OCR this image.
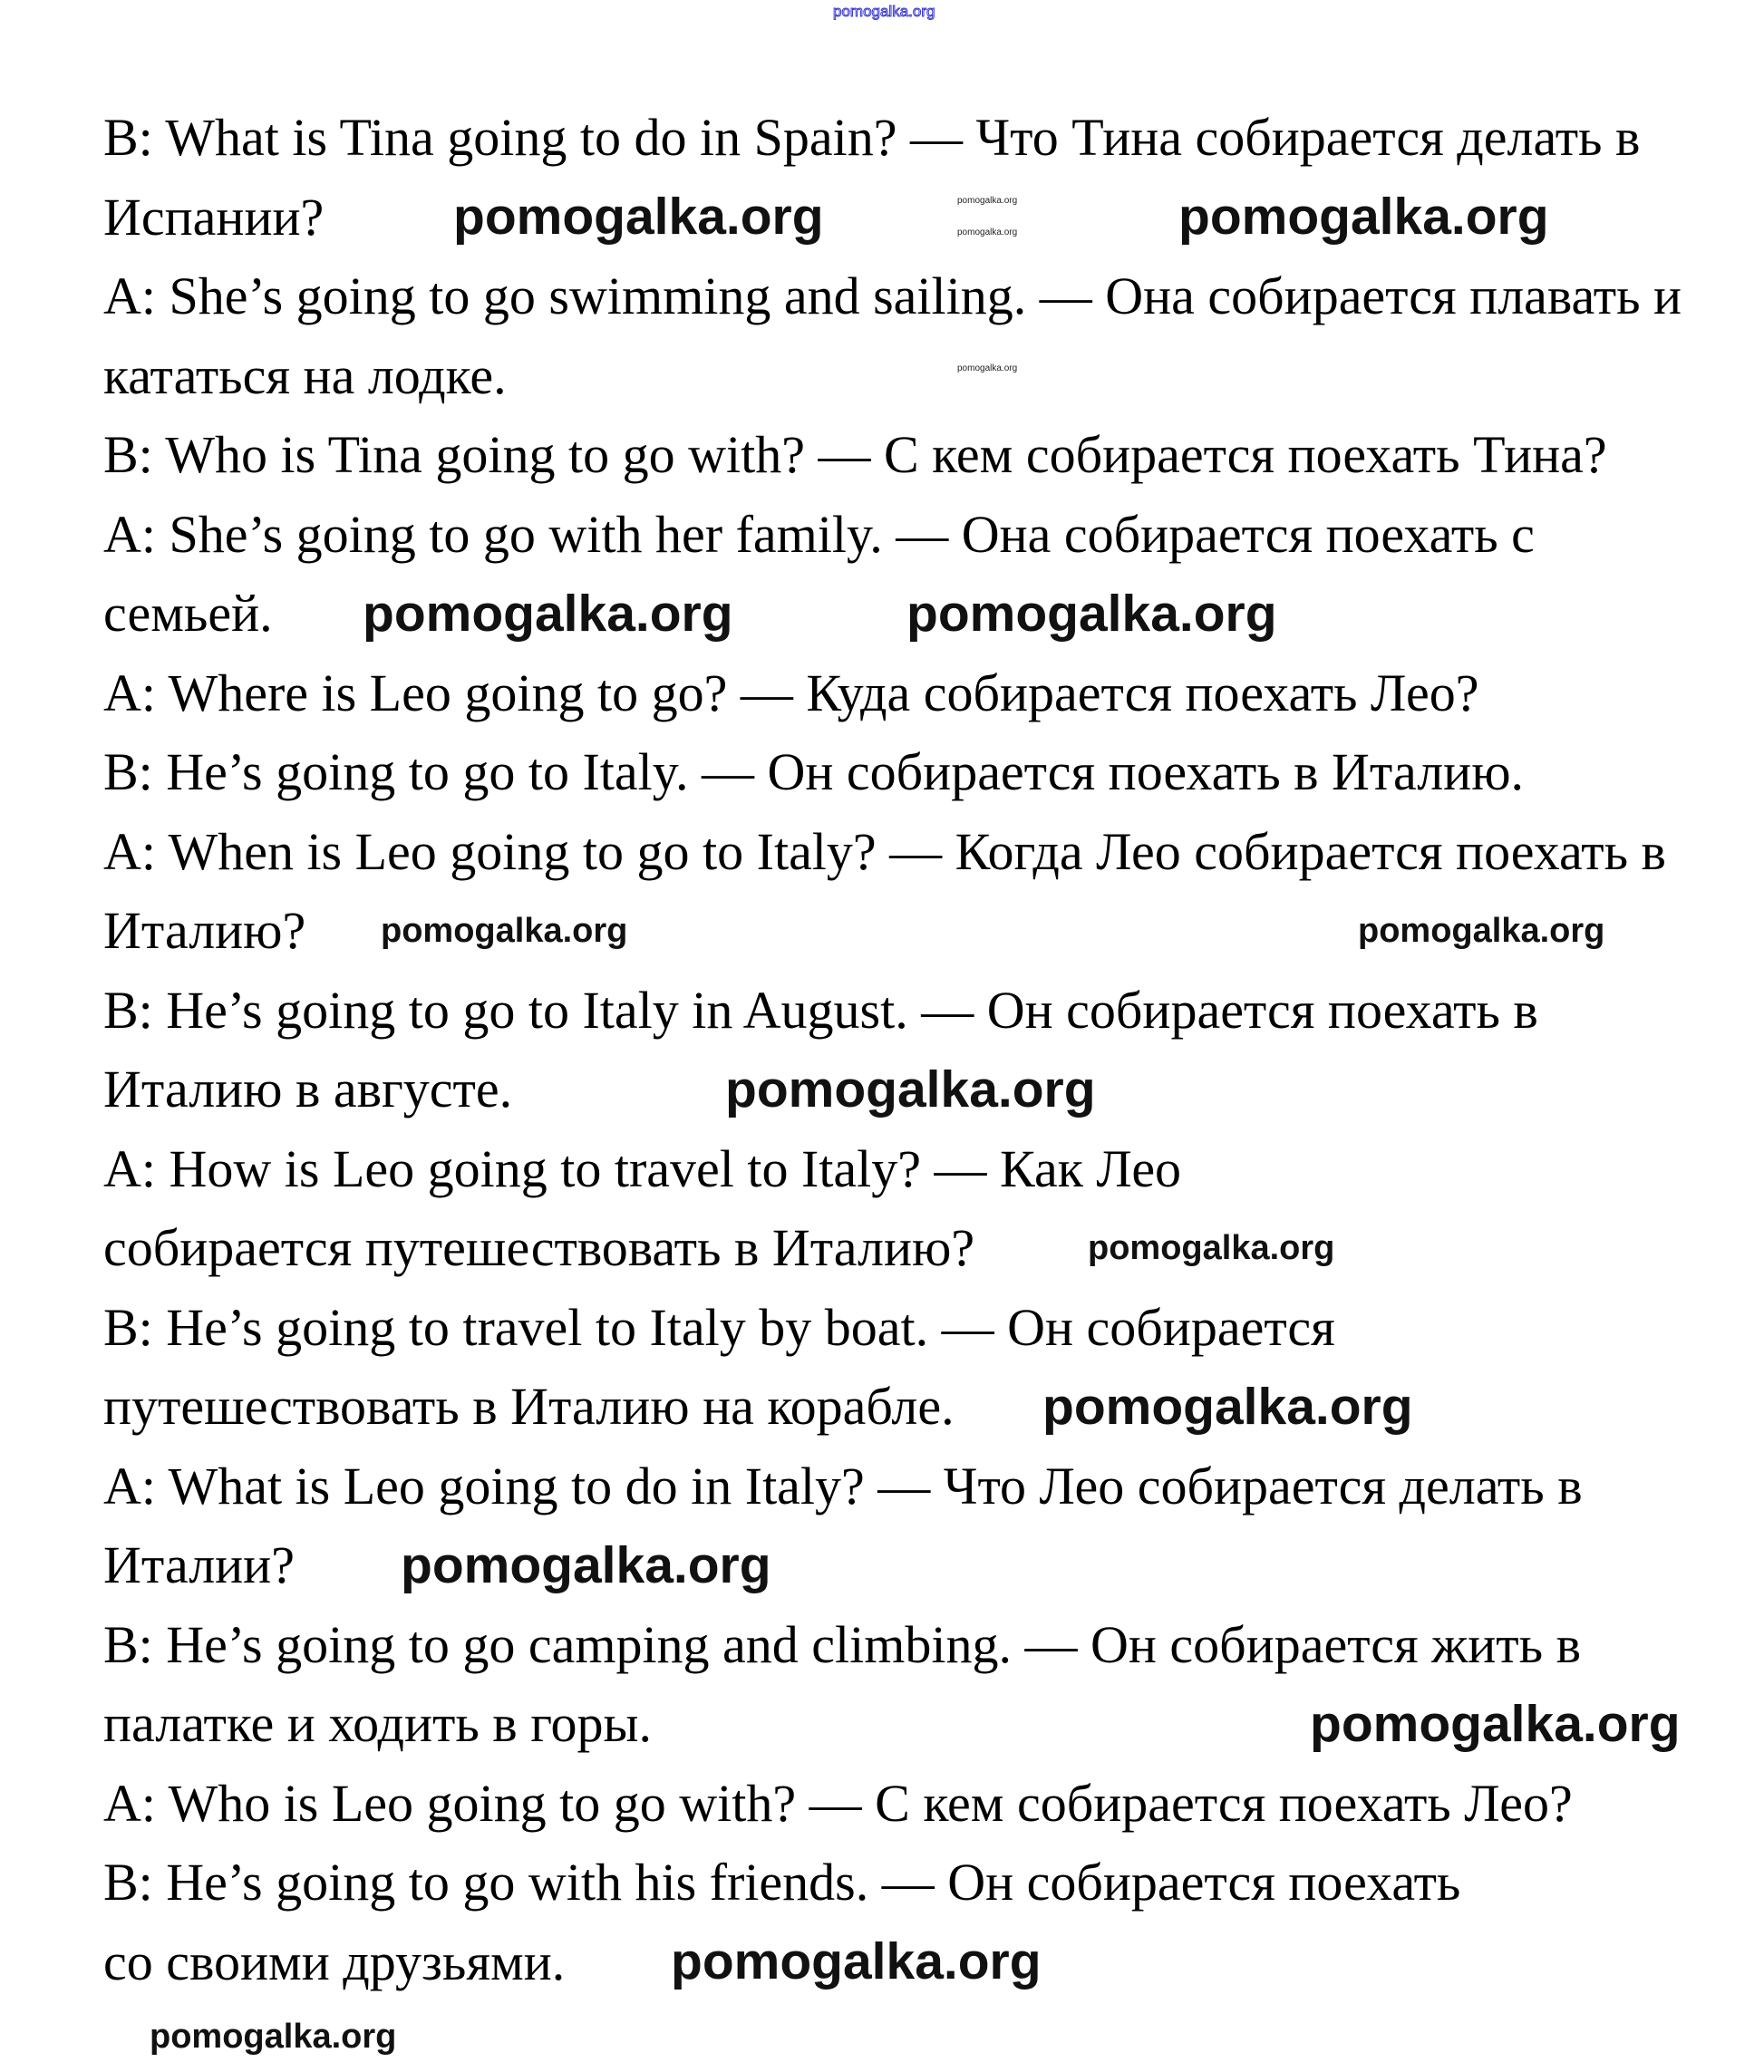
B: What is Tina going to do in Spain? — Что Тина собирается делать в
Испании?
A: She’s going to go swimming and sailing. — Она собирается плавать и
кататься на лодке.
B: Who is Tina going to go with? — С кем собирается поехать Тина?
A: She’s going to go with her family. — Она собирается поехать с
семьей.
A: Where is Leo going to go? — Куда собирается поехать Лео?
B: He’s going to go to Italy. — Он собирается поехать в Италию.
A: When is Leo going to go to Italy? — Когда Лео собирается поехать в
Италию?
B: He’s going to go to Italy in August. — Он собирается поехать в
Италию в августе.
A: How is Leo going to travel to Italy? — Как Лео
собирается путешествовать в Италию?
B: He’s going to travel to Italy by boat. — Он собирается
путешествовать в Италию на корабле.
A: What is Leo going to do in Italy? — Что Лео собирается делать в
Италии?
B: He’s going to go camping and climbing. — Он собирается жить в
палатке и ходить в горы.
A: Who is Leo going to go with? — С кем собирается поехать Лео?
B: He’s going to go with his friends. — Он собирается поехать
со своими друзьями.
pomogalka.org
pomogalka.org
pomogalka.org
pomogalka.org
pomogalka.org	pomogalka.org
pomogalka.org	pomogalka.org
pomogalka.org
pomogalka.org
pomogalka.org
pomogalka.org
pomogalka.org
pomogalka.org	pomogalka.org
pomogalka.org
pomogalka.org
